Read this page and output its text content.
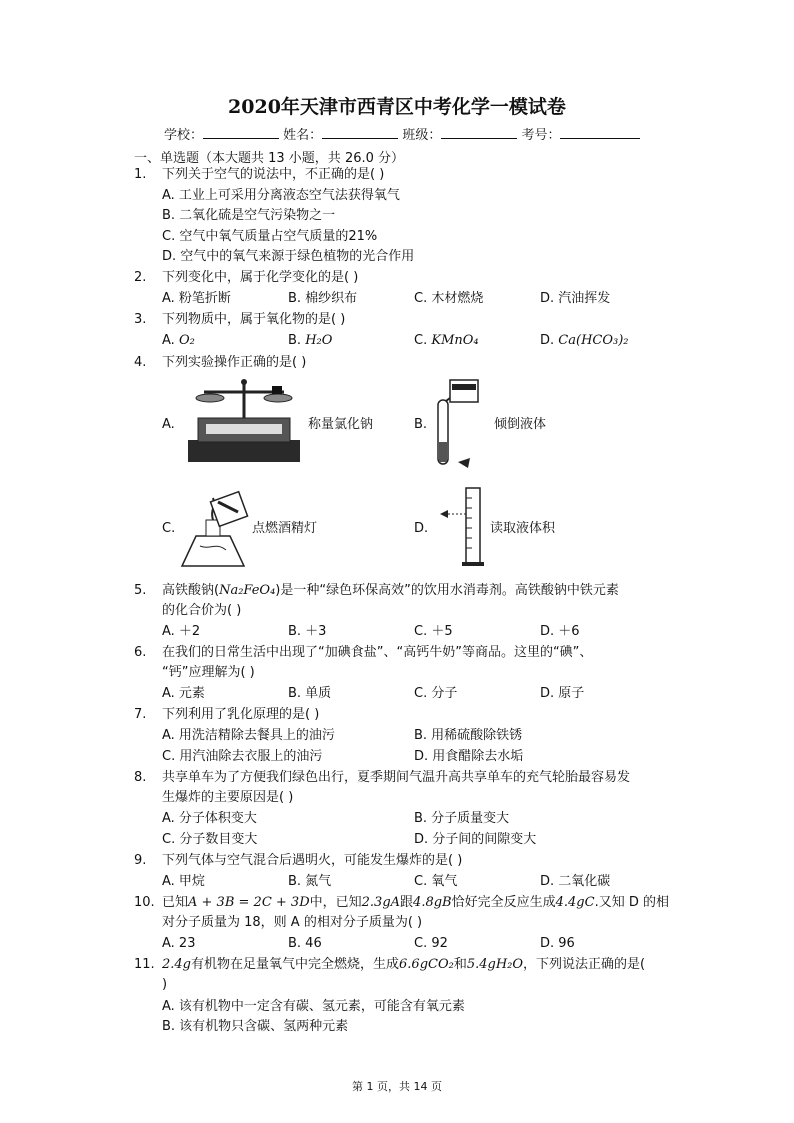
2020年天津市西青区中考化学一模试卷
学校：	姓名：	班级：	考号：
一、单选题（本大题共 13 小题，共 26.0 分）
1. 下列关于空气的说法中，不正确的是( )
A. 工业上可采用分离液态空气法获得氧气
B. 二氧化硫是空气污染物之一
C. 空气中氧气质量占空气质量的21%
D. 空气中的氧气来源于绿色植物的光合作用
2. 下列变化中，属于化学变化的是( )
A. 粉笔折断	B. 棉纱织布	C. 木材燃烧	D. 汽油挥发
3. 下列物质中，属于氧化物的是( )
A. O₂	B. H₂O	C. KMnO₄	D. Ca(HCO₃)₂
4. 下列实验操作正确的是( )
A.	称量氯化钠	B.	倾倒液体
C.	点燃酒精灯	D.	读取液体积
5. 高铁酸钠(Na₂FeO₄)是一种“绿色环保高效”的饮用水消毒剂。高铁酸钠中铁元素
的化合价为( )
A. ＋2	B. ＋3	C. ＋5	D. ＋6
6. 在我们的日常生活中出现了“加碘食盐”、“高钙牛奶”等商品。这里的“碘”、
“钙”应理解为( )
A. 元素	B. 单质	C. 分子	D. 原子
7. 下列利用了乳化原理的是( )
A. 用洗洁精除去餐具上的油污	B. 用稀硫酸除铁锈
C. 用汽油除去衣服上的油污	D. 用食醋除去水垢
8. 共享单车为了方便我们绿色出行，夏季期间气温升高共享单车的充气轮胎最容易发
生爆炸的主要原因是( )
A. 分子体积变大	B. 分子质量变大
C. 分子数目变大	D. 分子间的间隙变大
9. 下列气体与空气混合后遇明火，可能发生爆炸的是( )
A. 甲烷	B. 氮气	C. 氧气	D. 二氧化碳
10. 已知A + 3B = 2C + 3D中，已知2.3gA跟4.8gB恰好完全反应生成4.4gC.又知 D 的相
对分子质量为 18，则 A 的相对分子质量为( )
A. 23	B. 46	C. 92	D. 96
11. 2.4g有机物在足量氧气中完全燃烧，生成6.6gCO₂和5.4gH₂O，下列说法正确的是(
)
A. 该有机物中一定含有碳、氢元素，可能含有氧元素
B. 该有机物只含碳、氢两种元素
第 1 页，共 14 页
